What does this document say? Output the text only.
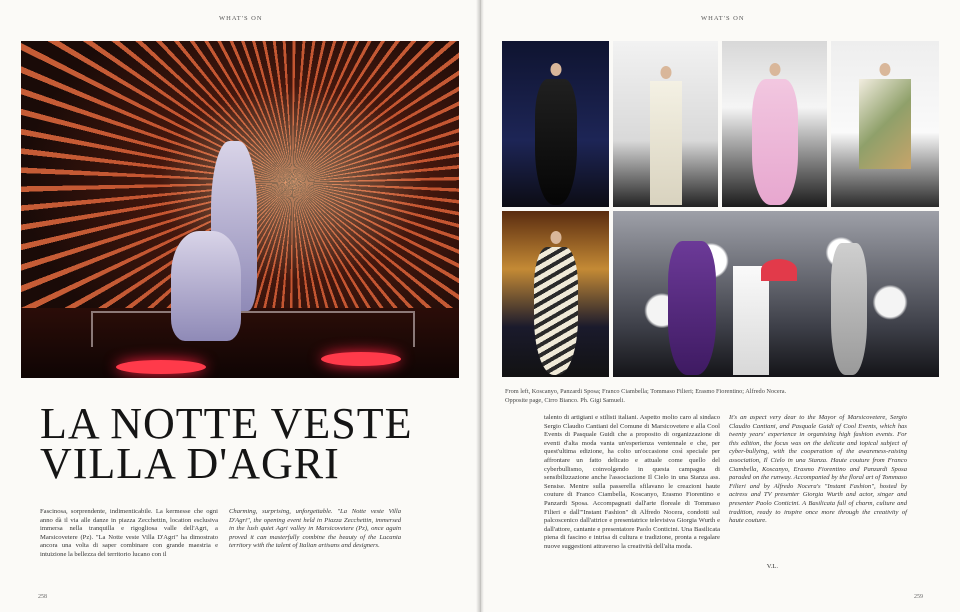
WHAT'S ON
LA NOTTE VESTE
VILLA D'AGRI

Fascinosa, sorprendente, indimenticabile. La kermesse che ogni anno dà il via alle danze in piazza Zecchettin, location esclusiva immersa nella tranquilla e rigogliosa valle dell'Agri, a Marsicovetere (Pz). "La Notte veste Villa D'Agri" ha dimostrato ancora una volta di saper combinare con grande maestria e intuizione la bellezza del territorio lucano con il

Charming, surprising, unforgettable. "La Notte veste Villa D'Agri", the opening event held in Piazza Zecchettin, immersed in the lush quiet Agri valley in Marsicovetere (Pz), once again proved it can masterfully combine the beauty of the Lucania territory with the talent of Italian artisans and designers.

258
WHAT'S ON

From left, Koscanyo, Panzardi Sposa; Franco Ciambella; Tommaso Filieri; Erasmo Fiorentino; Alfredo Nocera.
Opposite page, Cirro Bianco. Ph. Gigi Samueli.

talento di artigiani e stilisti italiani. Aspetto molto caro al sindaco Sergio Claudio Cantiani del Comune di Marsicovetere e alla Cool Events di Pasquale Guidi che a proposito di organizzazione di eventi d'alta moda vanta un'esperienza ventennale e che, per quest'ultima edizione, ha colto un'occasione così speciale per affrontare un fatto delicato e attuale come quello del cyberbullismo, coinvolgendo in questa campagna di sensibilizzazione anche l'associazione Il Cielo in una Stanza ass. Sensise. Mentre sulla passerella sfilavano le creazioni haute couture di Franco Ciambella, Koscanyo, Erasmo Fiorentino e Panzardi Sposa. Accompagnati dall'arte floreale di Tommaso Filieri e dall'"Instant Fashion" di Alfredo Nocera, condotti sul palcoscenico dall'attrice e presentatrice televisiva Giorgia Wurth e dall'attore, cantante e presentatore Paolo Conticini. Una Basilicata piena di fascino e intrisa di cultura e tradizione, pronta a regalare nuove suggestioni attraverso la creatività dell'alta moda.

V.L.

It's an aspect very dear to the Mayor of Marsicovetere, Sergio Claudio Cantiani, and Pasquale Guidi of Cool Events, which has twenty years' experience in organising high fashion events. For this edition, the focus was on the delicate and topical subject of cyber-bullying, with the cooperation of the awareness-raising association, Il Cielo in una Stanza. Haute couture from Franco Ciambella, Koscanyo, Erasmo Fiorentino and Panzardi Sposa paraded on the runway. Accompanied by the floral art of Tommaso Filieri and by Alfredo Nocera's "Instant Fashion", hosted by actress and TV presenter Giorgia Wurth and actor, singer and presenter Paolo Conticini. A Basilicata full of charm, culture and tradition, ready to inspire once more through the creativity of haute couture.

259
